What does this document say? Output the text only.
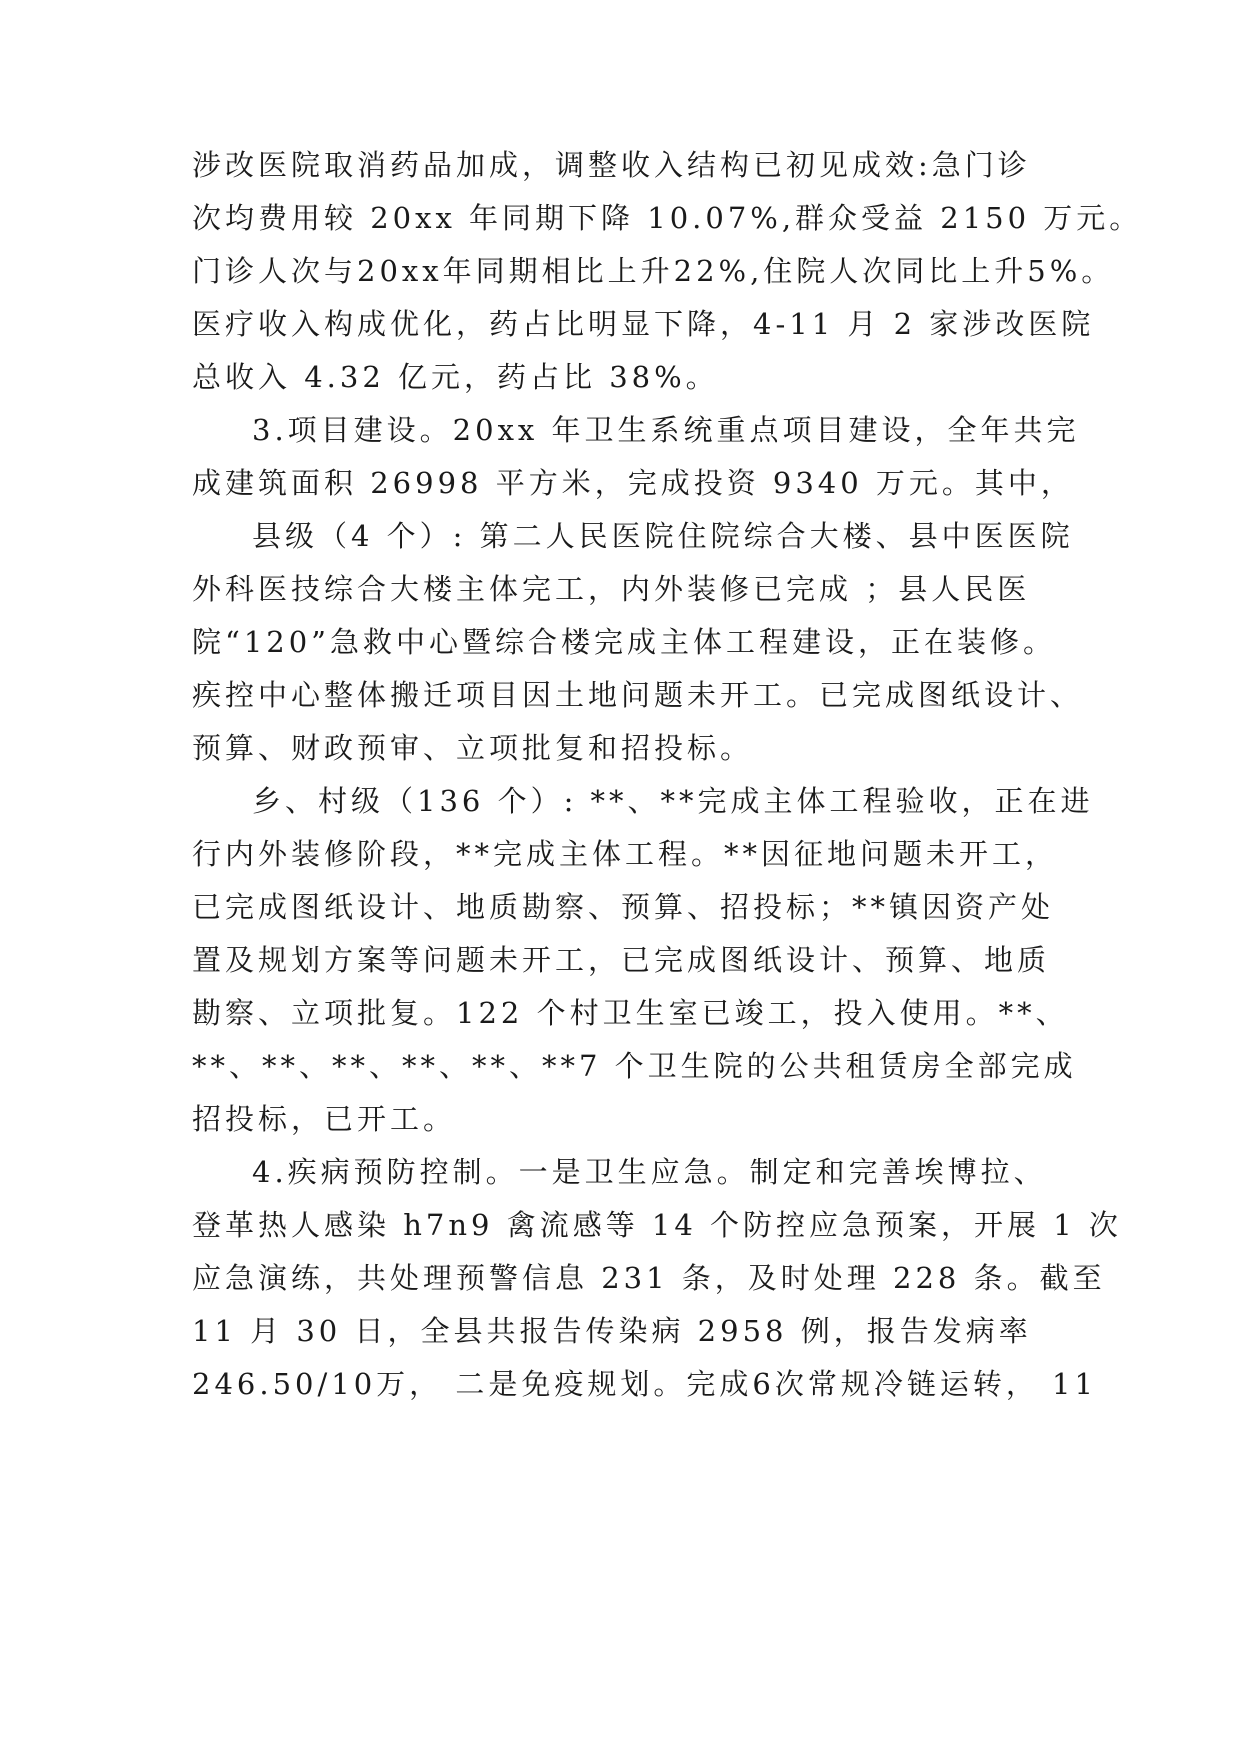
涉改医院取消药品加成，调整收入结构已初见成效:急门诊
次均费用较 20xx 年同期下降 10.07%,群众受益 2150 万元。
门诊人次与20xx年同期相比上升22%,住院人次同比上升5%。
医疗收入构成优化，药占比明显下降，4-11 月 2 家涉改医院
总收入 4.32 亿元，药占比 38%。
3.项目建设。20xx 年卫生系统重点项目建设，全年共完
成建筑面积 26998 平方米，完成投资 9340 万元。其中，
县级（4 个）: 第二人民医院住院综合大楼、县中医医院
外科医技综合大楼主体完工，内外装修已完成 ；县人民医
院“120”急救中心暨综合楼完成主体工程建设，正在装修。
疾控中心整体搬迁项目因土地问题未开工。已完成图纸设计、
预算、财政预审、立项批复和招投标。
乡、村级（136 个）: **、**完成主体工程验收，正在进
行内外装修阶段，**完成主体工程。**因征地问题未开工，
已完成图纸设计、地质勘察、预算、招投标；**镇因资产处
置及规划方案等问题未开工，已完成图纸设计、预算、地质
勘察、立项批复。122 个村卫生室已竣工，投入使用。**、
**、**、**、**、**、**7 个卫生院的公共租赁房全部完成
招投标，已开工。
4.疾病预防控制。一是卫生应急。制定和完善埃博拉、
登革热人感染 h7n9 禽流感等 14 个防控应急预案，开展 1 次
应急演练，共处理预警信息 231 条，及时处理 228 条。截至
11 月 30 日，全县共报告传染病 2958 例，报告发病率
246.50/10万， 二是免疫规划。完成6次常规冷链运转， 11
